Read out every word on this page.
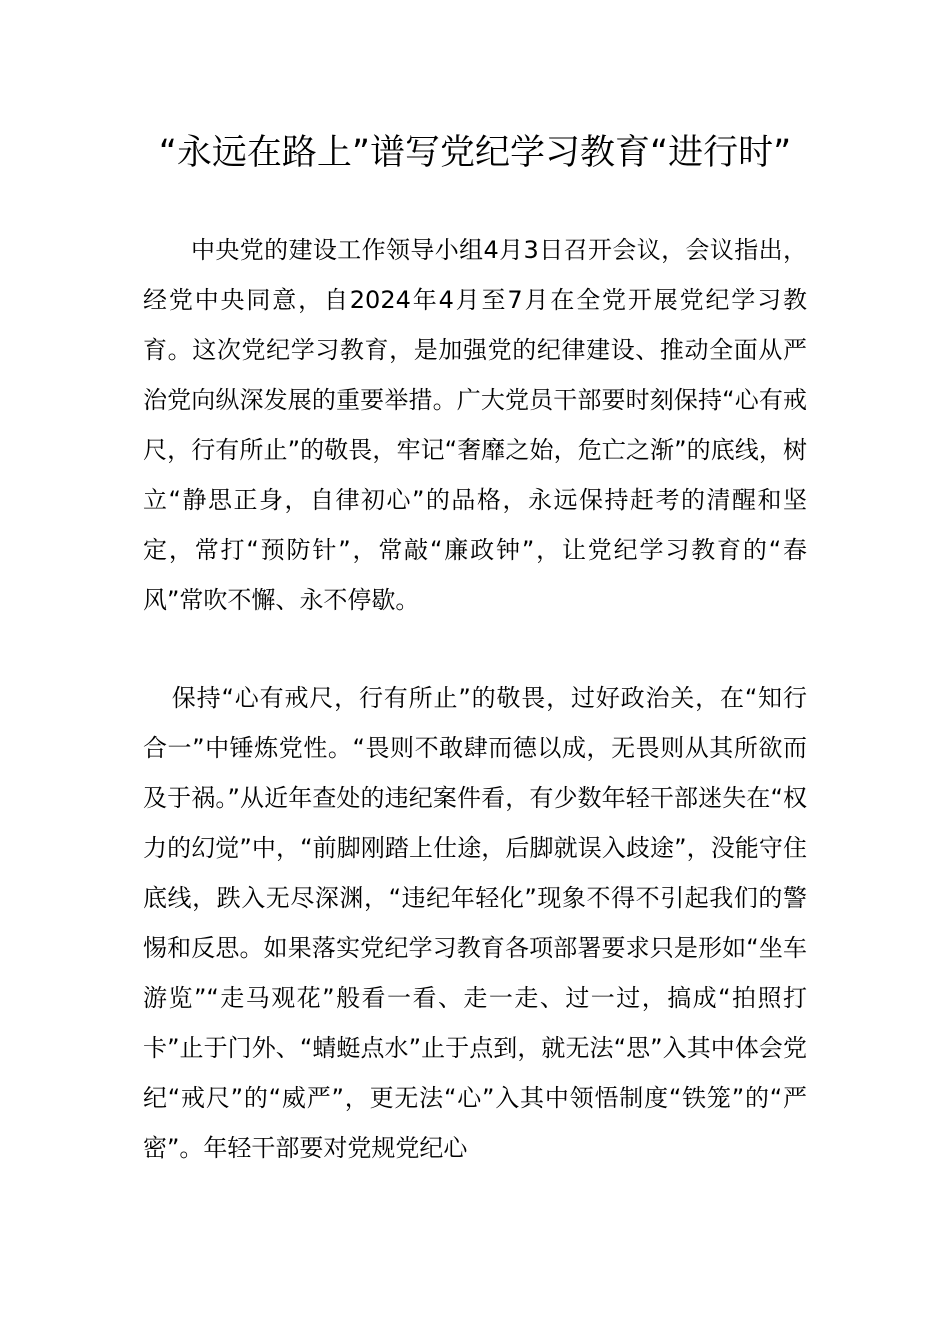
“永远在路上”谱写党纪学习教育“进行时”

中央党的建设工作领导小组4月3日召开会议，会议指出，经党中央同意，自2024年4月至7月在全党开展党纪学习教育。这次党纪学习教育，是加强党的纪律建设、推动全面从严治党向纵深发展的重要举措。广大党员干部要时刻保持“心有戒尺，行有所止”的敬畏，牢记“奢靡之始，危亡之渐”的底线，树立“静思正身，自律初心”的品格，永远保持赶考的清醒和坚定，常打“预防针”，常敲“廉政钟”，让党纪学习教育的“春风”常吹不懈、永不停歇。

保持“心有戒尺，行有所止”的敬畏，过好政治关，在“知行合一”中锤炼党性。“畏则不敢肆而德以成，无畏则从其所欲而及于祸。”从近年查处的违纪案件看，有少数年轻干部迷失在“权力的幻觉”中，“前脚刚踏上仕途，后脚就误入歧途”，没能守住底线，跌入无尽深渊，“违纪年轻化”现象不得不引起我们的警惕和反思。如果落实党纪学习教育各项部署要求只是形如“坐车游览”“走马观花”般看一看、走一走、过一过，搞成“拍照打卡”止于门外、“蜻蜓点水”止于点到，就无法“思”入其中体会党纪“戒尺”的“威严”，更无法“心”入其中领悟制度“铁笼”的“严密”。年轻干部要对党规党纪心
